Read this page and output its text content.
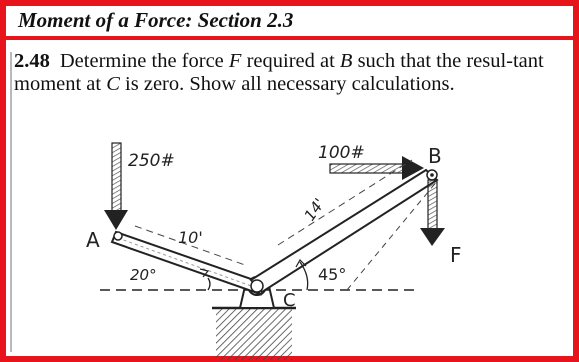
Moment of a Force: Section 2.3
2.48 Determine the force F required at B such that the resul-tant moment at C is zero. Show all necessary calculations.
250#	100#
10'
14'
20°	45°
A
B
C
F
